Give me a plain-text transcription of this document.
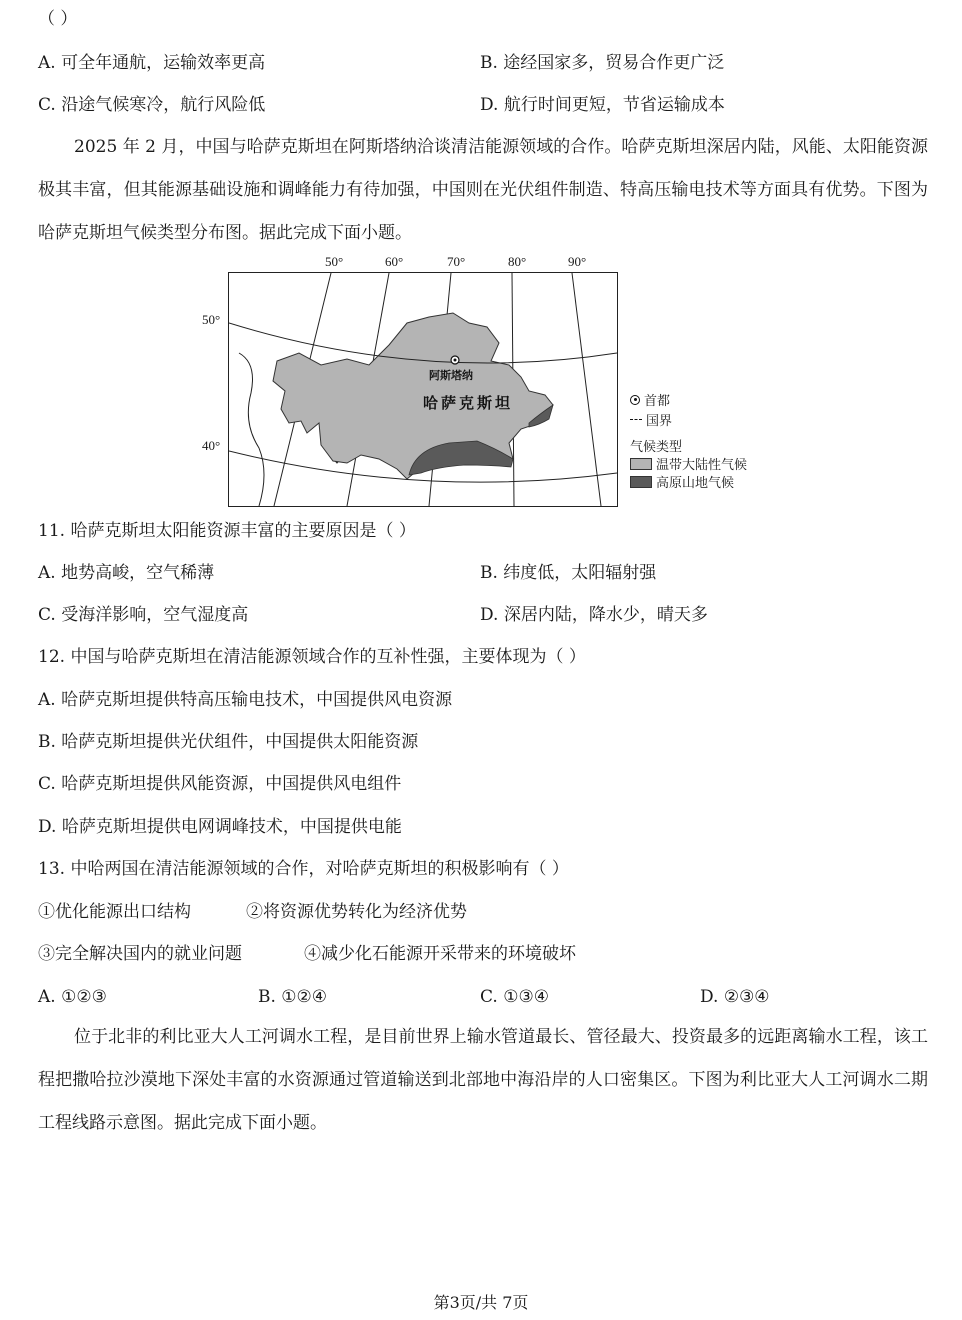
（ ）
A. 可全年通航，运输效率更高	B. 途经国家多，贸易合作更广泛
C. 沿途气候寒冷，航行风险低	D. 航行时间更短，节省运输成本
2025 年 2 月，中国与哈萨克斯坦在阿斯塔纳洽谈清洁能源领域的合作。哈萨克斯坦深居内陆，风能、太阳能资源极其丰富，但其能源基础设施和调峰能力有待加强，中国则在光伏组件制造、特高压输电技术等方面具有优势。下图为哈萨克斯坦气候类型分布图。据此完成下面小题。
50°	60°	70°	80°	90°
50°
40°
阿斯塔纳
哈萨克斯坦	首都
国界
气候类型
温带大陆性气候
高原山地气候
11. 哈萨克斯坦太阳能资源丰富的主要原因是（ ）
A. 地势高峻，空气稀薄	B. 纬度低，太阳辐射强
C. 受海洋影响，空气湿度高	D. 深居内陆，降水少，晴天多
12. 中国与哈萨克斯坦在清洁能源领域合作的互补性强，主要体现为（ ）
A. 哈萨克斯坦提供特高压输电技术，中国提供风电资源
B. 哈萨克斯坦提供光伏组件，中国提供太阳能资源
C. 哈萨克斯坦提供风能资源，中国提供风电组件
D. 哈萨克斯坦提供电网调峰技术，中国提供电能
13. 中哈两国在清洁能源领域的合作，对哈萨克斯坦的积极影响有（ ）
①优化能源出口结构	②将资源优势转化为经济优势
③完全解决国内的就业问题	④减少化石能源开采带来的环境破坏
A. ①②③	B. ①②④	C. ①③④	D. ②③④
位于北非的利比亚大人工河调水工程，是目前世界上输水管道最长、管径最大、投资最多的远距离输水工程，该工程把撒哈拉沙漠地下深处丰富的水资源通过管道输送到北部地中海沿岸的人口密集区。下图为利比亚大人工河调水二期工程线路示意图。据此完成下面小题。
第3页/共 7页
